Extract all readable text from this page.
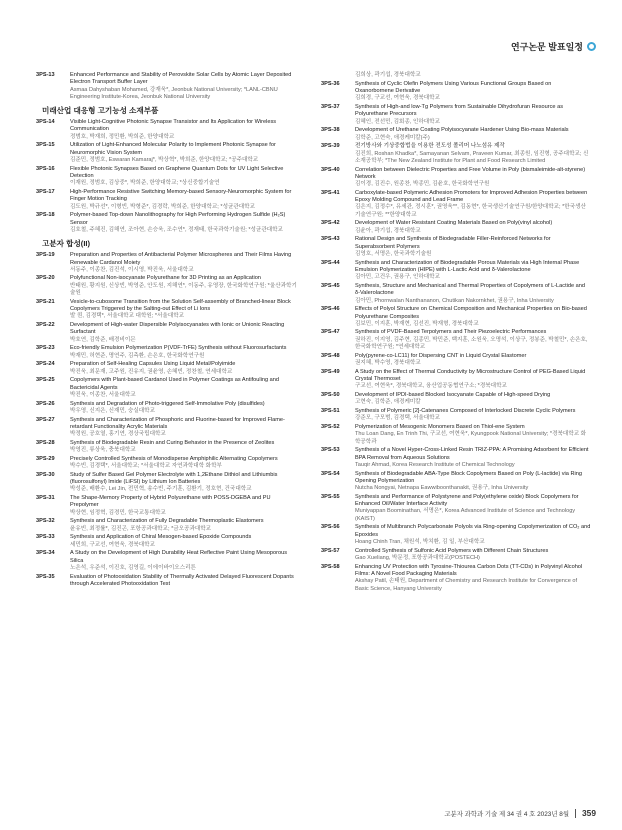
연구논문 발표일정
3PS-13	Enhanced Performance and Stability of Perovskite Solar Cells by Atomic Layer Deposited Electron Transport Buffer Layer
Asmaa Dahyshaban Mohamed, 강재욱*, Jeonbuk National University; *LANL-CBNU Engineering Institute-Korea, Jeonbuk National University
미래산업 대응형 고기능성 소재부품
3PS-14	Visible Light-Cognitive Photonic Synapse Transistor and Its Application for Wireless Communication
정범호, 박재희, 정민환, 박희준, 한양대학교
3PS-15	Utilization of Light-Enhanced Molecular Polarity to Implement Photonic Synapse for Neuromorphic Vision System
김준민, 정범호, Eswaran Kamaraj*, 박상혁*, 박희준, 한양대학교; *공주대학교
3PS-16	Flexible Photonic Synapses Based on Graphene Quantum Dots for UV Light Selective Detection
이재원, 정범호, 김상중*, 박희준, 한양대학교; *상신중합기술연
3PS-17	High-Performance Resistive Switching Memory-based Sensory-Neuromorphic System for Finger Motion Tracking
김도원, 박규선*, 이형빈, 박형준*, 김경락, 박희준, 한양대학교; *성균관대학교
3PS-18	Polymer-based Top-down Nanolithography for High Performing Hydrogen Sulfide (H₂S) Sensor
김호철, 주혜진, 김해연, 조아현, 손승욱, 조수연*, 정재태, 한국과학기술원; *성균관대학교
고분자 합성(II)
3PS-19	Preparation and Properties of Antibacterial Polymer Microspheres and Their Films Having Renewable Cardanol Moiety
서동주, 이종찬, 김진석, 이시영, 박진욱, 서울대학교
3PS-20	Polyfunctional Non-isocyanate Polyurethane for 3D Printing as an Application
반태원, 황지원, 신상빈, 박영준, 안도원, 지해연*, 이동주, 유영장, 한국화학연구원; *울산과학기술원
3PS-21	Vesicle-to-cubosome Transition from the Solution Self-assembly of Branched-linear Block Copolymers Triggered by the Salting-out Effect of Li Ions
발 퀀, 김경택*, 서울대학교 대학원; *서울대학교
3PS-22	Development of High-water Dispersible Polyisocyanates with Ionic or Unionic Reacting Surfactant
박호연, 김학준, 배경비이믄
3PS-23	Eco-friendly Emulsion Polymerization P(VDF-TrFE) Synthesis without Fluorosurfactants
박재민, 허현준, 명연주, 김측환, 손은호, 한국화학연구원
3PS-24	Preparation of Self-Healing Capsules Using Liquid Metal/Polyimide
박진욱, 최문재, 고주원, 진유지, 권윤영, 손혜빈, 정찬철, 연세대학교
3PS-25	Copolymers with Plant-based Cardanol Used in Polymer Coatings as Antifouling and Bactericidal Agents
박진욱, 이종찬, 서울대학교
3PS-26	Synthesis and Degradation of Photo-triggered Self-Immolative Poly (disulfides)
박우영, 신지은, 신재민, 숭실대학교
3PS-27	Synthesis and Characterization of Phosphoric and Fluorine-based for Improved Flame-retardant Functionality Acrylic Materials
박정원, 공호열, 홍기연, 경상국립대학교
3PS-28	Synthesis of Biodegradable Resin and Curing Behavior in the Presence of Zeolites
박영진, 류상욱, 충북대학교
3PS-29	Precisely Controlled Synthesis of Monodisperse Amphiphilic Alternating Copolymers
박수빈, 김경택*, 서울대학교; *서울대학교 자연과학대학 화학부
3PS-30	Study of Sulfer Based Gel Polymer Electrolyte with 1,2Ethane Dithiol and Lithiumbis (fluorosulfonyl) Imide (LiFSI) by Lithium Ion Batteries
박성준, 배환수, Lei Jin, 전민혁, 송수빈, 주기훈, 김환기, 정호현, 건국대학교
3PS-31	The Shape-Memory Property of Hybrid Polyurethane with POSS-DGEBA and PU Prepolymer
박상현, 임정혁, 김경민, 한국교통대학교
3PS-32	Synthesis and Characterization of Fully Degradable Thermoplastic Elastomers
윤유빈, 최정률*, 김진곤, 포항공과대학교; *금오공과대학교
3PS-33	Synthesis and Application of Chiral Mesogen-based Epoxide Compounds
세민희, 구교선, 여현욱, 경북대학교
3PS-34	A Study on the Development of High Durability Heat Reflective Paint Using Mesoporous Silica
노은석, 우준석, 이진호, 김영길, 이에이바이오스리튼
3PS-35	Evaluation of Photooxidation Stability of Thermally Activated Delayed Fluorescent Dopants through Accelerated Photooxidation Test
김희상, 곽기섭, 경북대학교
3PS-36	Synthesis of Cyclic Olefin Polymers Using Various Functional Groups Based on Oxanorbornene Derivative
김희경, 구교선, 여현욱, 경북대학교
3PS-37	Synthesis of High-and low-Tg Polymers from Sustainable Dihydrofuran Resource as Polyurethane Precursors
김혜인, 전선민, 김회종, 인하대학교
3PS-38	Development of Urethane Coating Polyisocyanate Hardener Using Bio-mass Materials
김학준, 고현숙, 애경케미칼(주)
3PS-39	전기방사와 기상중합법을 이용한 전도성 폴리머 나노섬유 제작
김진희, Roshan Khadka*, Samayanan Selvam, Praveen Kumar, 최종원, 임진형, 공주대학교; 신소재공학부; *The New Zealand Institute for Plant and Food Research Limited
3PS-40	Correlation between Dielectric Properties and Free Volume in Poly (bismaleimide-alt-styrene) Network
김이경, 김진수, 원종찬, 박종민, 김윤호, 한국화학연구원
3PS-41	Carboxylate-based Polymeric Adhesion Promoters for Improved Adhesion Properties between Epoxy Molding Compound and Lead Frame
김은지, 김정수*, 유세관, 정시훈*, 권영욱**, 김동현*, 한국생산기술연구원/한양대학교; *한국생산기술연구원; **한양대학교
3PS-42	Development of Water Resistant Coating Materials Based on Poly(vinyl alcohol)
김윤아, 곽기섭, 경북대학교
3PS-43	Rational Design and Synthesis of Biodegradable Filler-Reinforced Networks for Superabsorbent Polymers
김영호, 서명은, 한국과학기술원
3PS-44	Synthesis and Characterization of Biodegradable Porous Materials via High Internal Phase Emulsion Polymerization (HIPE) with L-Lactic Acid and δ-Valerolactone
김아민, 고건우, 권용구, 인하대학교
3PS-45	Synthesis, Structure and Mechanical and Thermal Properties of Copolymers of L-Lactide and δ-Valerolactone
김아민, Phornwalan Nanthananon, Chutikan Nakornkhet, 권용구, Inha University
3PS-46	Effects of Polyol Structure on Chemical Composition and Mechanical Properties on Bio-based Polyurethane Composites
김보민, 이지훈, 박재현, 김선진, 박재형, 경북대학교
3PS-47	Synthesis of PVDF-Based Terpolymers and Their Piezoelectric Performances
권하진, 이지영, 김주현, 김종민, 박민준, 백지훈, 소원욱, 오명석, 이상구, 정봉준, 박철민*, 손은호, 한국화학연구원; *연세대학교
3PS-48	Poly(pyrene-co-LC11) for Dispersing CNT in Liquid Crystal Elastomer
권지혜, 박수영, 경북대학교
3PS-49	A Study on the Effect of Thermal Conductivity by Microstructure Control of PEG-Based Liquid Crystal Thermoset
구교선, 여현욱*, 경북대학교, 융산업공동협연구소; *경북대학교
3PS-50	Development of IPDI-based Blocked Isocyanate Capable of High-speed Drying
고현숙, 김학준, 애경케미칼
3PS-51	Synthesis of Polymeric [2]-Catenanes Composed of Interlocked Discrete Cyclic Polymers
강준모, 구모범, 김경택, 서울대학교
3PS-52	Polymerization of Mesogenic Monomers Based on Thiol-ene System
Thu Loan Dang, En Trinh Thi, 구교선, 여현욱*, Kyungpook National University; *경북대학교 화학공학과
3PS-53	Synthesis of a Novel Hyper-Cross-Linked Resin TRIZ-PPA: A Promising Adsorbent for Efficient BPA Removal from Aqueous Solutions
Tauqir Ahmad, Korea Research Institute of Chemical Technology
3PS-54	Synthesis of Biodegradable ABA-Type Block Copolymers Based on Poly (L-lactide) via Ring Opening Polymerization
Nutcha Nongyai, Netnapa Eawwiboonthanakit, 권용구, Inha University
3PS-55	Synthesis and Performance of Polystyrene and Poly(ethylene oxide) Block Copolymers for Enhanced Oil/Water Interface Activity
Muniyappan Boominathan, 서명은*, Korea Advanced Institute of Science and Technology (KAIST)
3PS-56	Synthesis of Multibranch Polycarbonate Polyols via Ring-opening Copolymerization of CO₂ and Epoxides
Hoang Chinh Tran, 채원석, 박치환, 김 일, 부산대학교
3PS-57	Controlled Synthesis of Sulfonic Acid Polymers with Different Chain Structures
Gao Xueliang, 박문정, 포항공과대학교(POSTECH)
3PS-58	Enhancing UV Protection with Tyrosine-Thiourea Carbon Dots (TT-CDs) in Polyvinyl Alcohol Films: A Novel Food Packaging Materials
Akshay Patil, 손태원, Department of Chemistry and Research Institute for Convergence of Basic Science, Hanyang University
고분자 과학과 기술 제 34 권 4 호 2023년 8월 359
